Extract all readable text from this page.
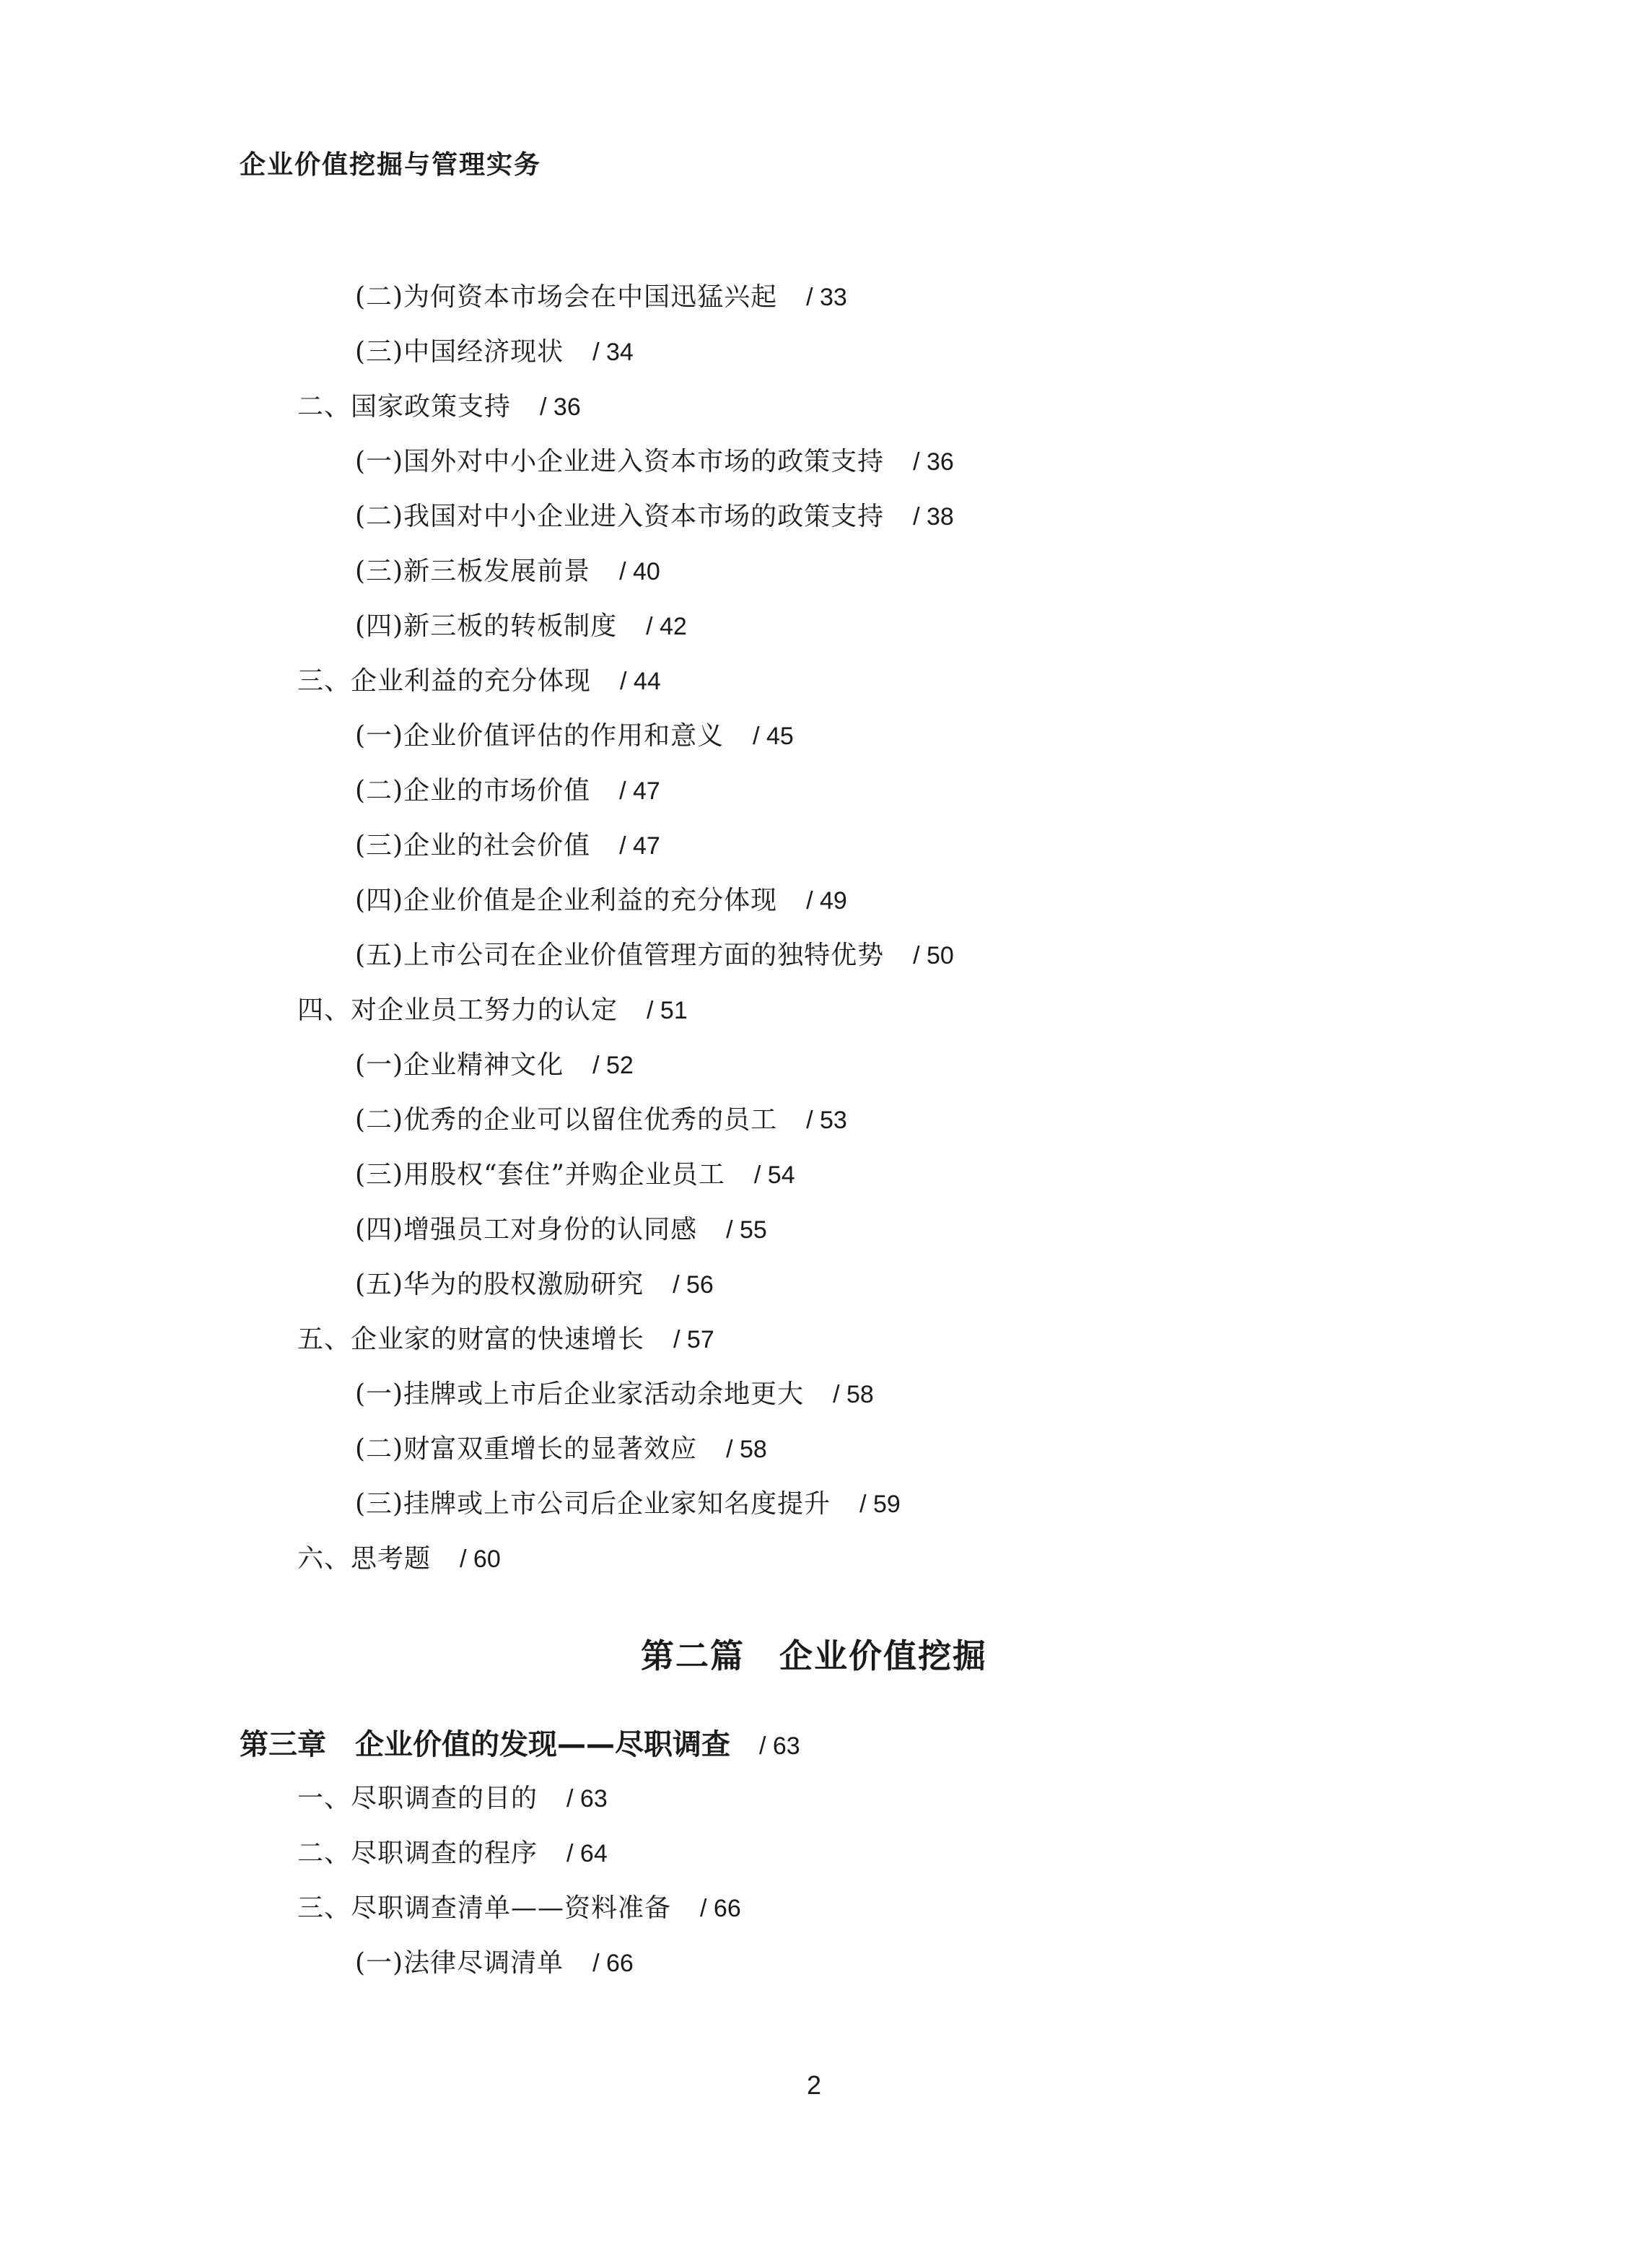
企业价值挖掘与管理实务
(二)为何资本市场会在中国迅猛兴起 / 33
(三)中国经济现状 / 34
二、国家政策支持 / 36
(一)国外对中小企业进入资本市场的政策支持 / 36
(二)我国对中小企业进入资本市场的政策支持 / 38
(三)新三板发展前景 / 40
(四)新三板的转板制度 / 42
三、企业利益的充分体现 / 44
(一)企业价值评估的作用和意义 / 45
(二)企业的市场价值 / 47
(三)企业的社会价值 / 47
(四)企业价值是企业利益的充分体现 / 49
(五)上市公司在企业价值管理方面的独特优势 / 50
四、对企业员工努力的认定 / 51
(一)企业精神文化 / 52
(二)优秀的企业可以留住优秀的员工 / 53
(三)用股权“套住”并购企业员工 / 54
(四)增强员工对身份的认同感 / 55
(五)华为的股权激励研究 / 56
五、企业家的财富的快速增长 / 57
(一)挂牌或上市后企业家活动余地更大 / 58
(二)财富双重增长的显著效应 / 58
(三)挂牌或上市公司后企业家知名度提升 / 59
六、思考题 / 60
第二篇　企业价值挖掘
第三章　企业价值的发现——尽职调查 / 63
一、尽职调查的目的 / 63
二、尽职调查的程序 / 64
三、尽职调查清单——资料准备 / 66
(一)法律尽调清单 / 66
2
